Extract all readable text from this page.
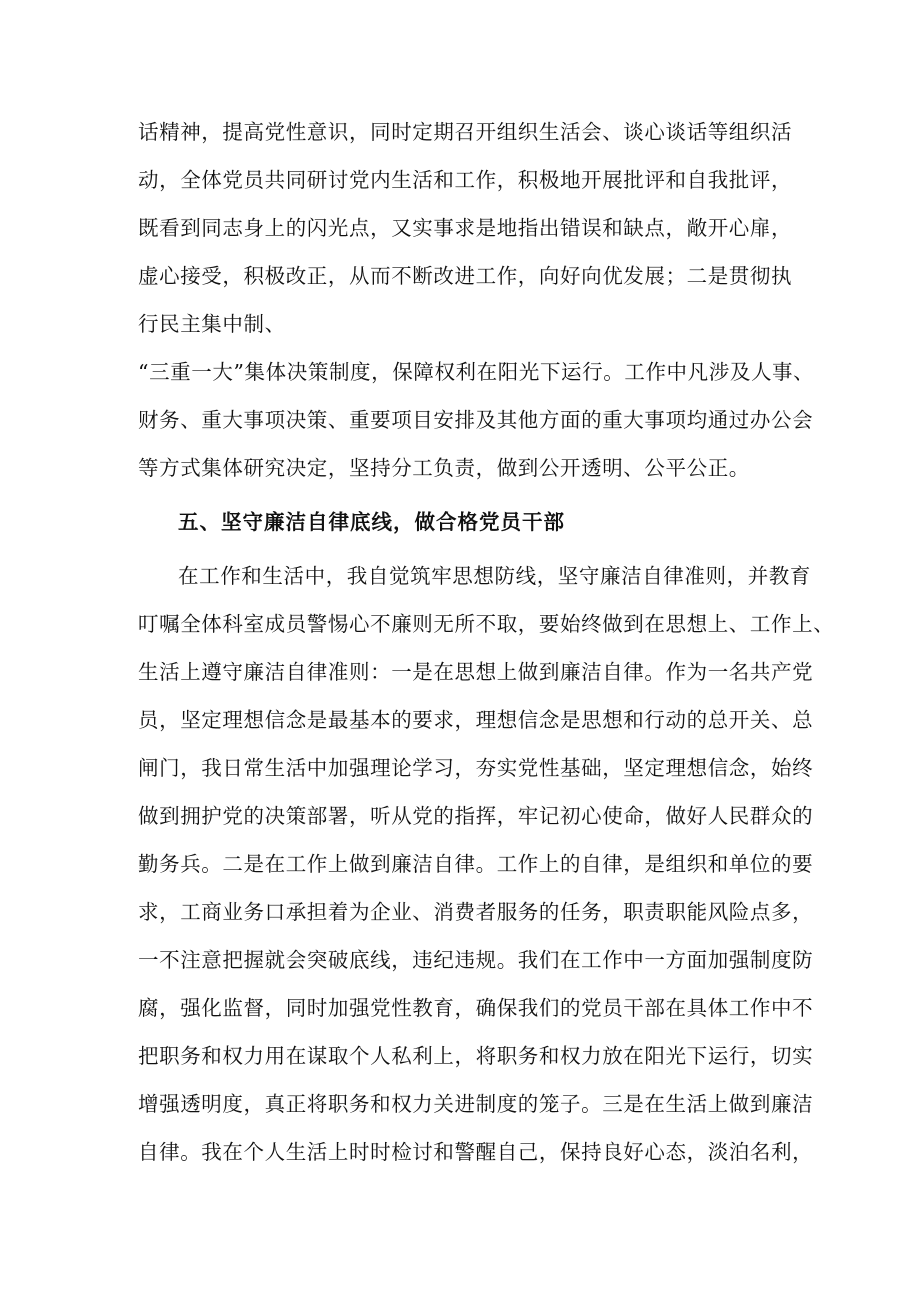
话精神，提高党性意识，同时定期召开组织生活会、谈心谈话等组织活
动，全体党员共同研讨党内生活和工作，积极地开展批评和自我批评，
既看到同志身上的闪光点，又实事求是地指出错误和缺点，敞开心扉，
虚心接受，积极改正，从而不断改进工作，向好向优发展；二是贯彻执
行民主集中制、
“三重一大”集体决策制度，保障权利在阳光下运行。工作中凡涉及人事、
财务、重大事项决策、重要项目安排及其他方面的重大事项均通过办公会
等方式集体研究决定，坚持分工负责，做到公开透明、公平公正。
五、坚守廉洁自律底线，做合格党员干部
在工作和生活中，我自觉筑牢思想防线，坚守廉洁自律准则，并教育
叮嘱全体科室成员警惕心不廉则无所不取，要始终做到在思想上、工作上、
生活上遵守廉洁自律准则：一是在思想上做到廉洁自律。作为一名共产党
员，坚定理想信念是最基本的要求，理想信念是思想和行动的总开关、总
闸门，我日常生活中加强理论学习，夯实党性基础，坚定理想信念，始终
做到拥护党的决策部署，听从党的指挥，牢记初心使命，做好人民群众的
勤务兵。二是在工作上做到廉洁自律。工作上的自律，是组织和单位的要
求，工商业务口承担着为企业、消费者服务的任务，职责职能风险点多，
一不注意把握就会突破底线，违纪违规。我们在工作中一方面加强制度防
腐，强化监督，同时加强党性教育，确保我们的党员干部在具体工作中不
把职务和权力用在谋取个人私利上，将职务和权力放在阳光下运行，切实
增强透明度，真正将职务和权力关进制度的笼子。三是在生活上做到廉洁
自律。我在个人生活上时时检讨和警醒自己，保持良好心态，淡泊名利，
